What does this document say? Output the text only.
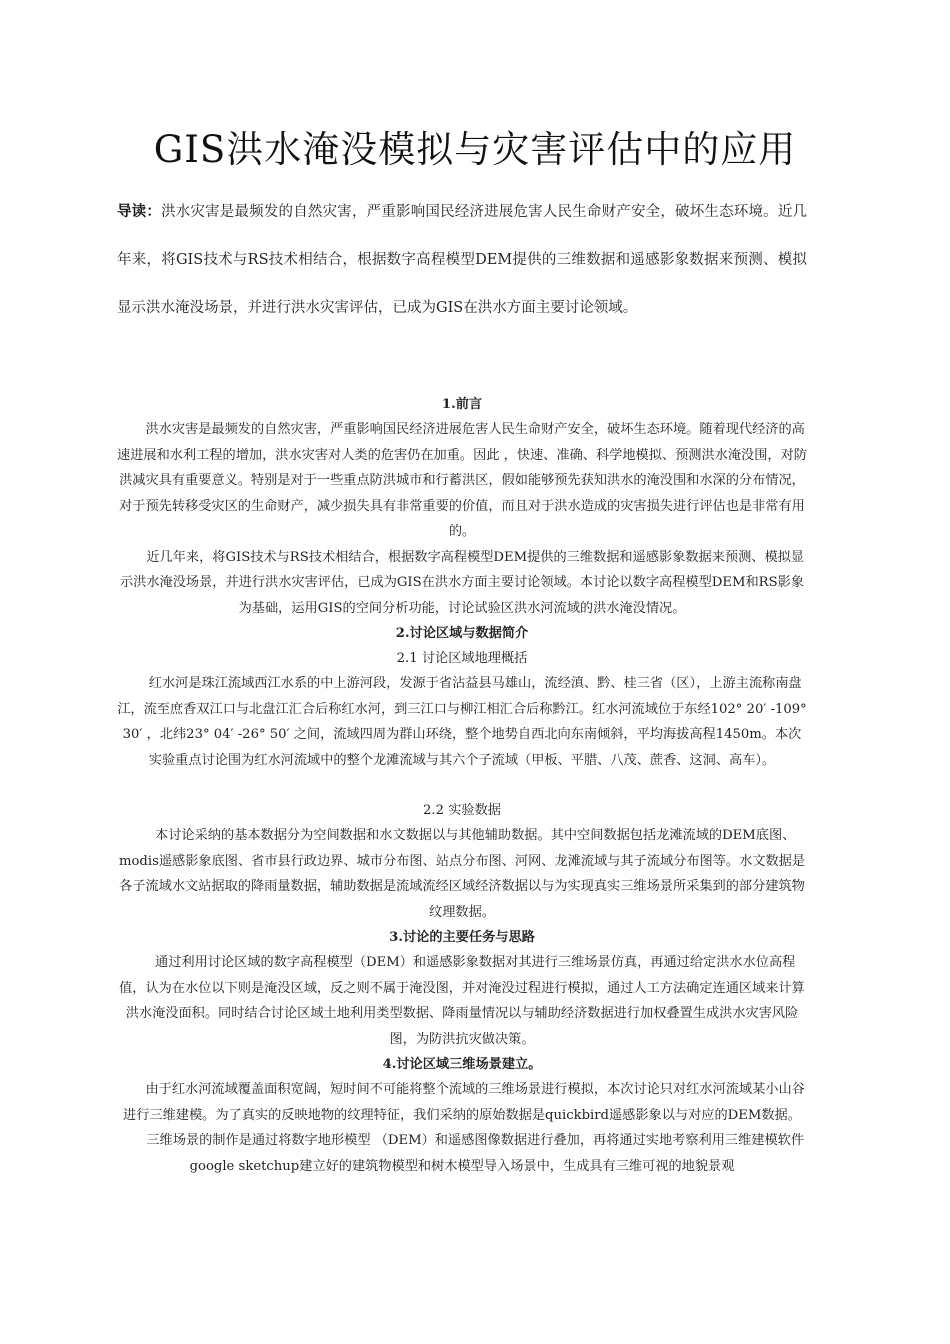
GIS洪水淹没模拟与灾害评估中的应用

导读：洪水灾害是最频发的自然灾害，严重影响国民经济进展危害人民生命财产安全，破坏生态环境。近几年来，将GIS技术与RS技术相结合，根据数字高程模型DEM提供的三维数据和遥感影象数据来预测、模拟显示洪水淹没场景，并进行洪水灾害评估，已成为GIS在洪水方面主要讨论领域。

1.前言

洪水灾害是最频发的自然灾害，严重影响国民经济进展危害人民生命财产安全，破坏生态环境。随着现代经济的高速进展和水利工程的增加，洪水灾害对人类的危害仍在加重。因此 ，快速、准确、科学地模拟、预测洪水淹没围，对防洪减灾具有重要意义。特别是对于一些重点防洪城市和行蓄洪区，假如能够预先获知洪水的淹没围和水深的分布情况，对于预先转移受灾区的生命财产，减少损失具有非常重要的价值，而且对于洪水造成的灾害损失进行评估也是非常有用的。

近几年来，将GIS技术与RS技术相结合，根据数字高程模型DEM提供的三维数据和遥感影象数据来预测、模拟显示洪水淹没场景，并进行洪水灾害评估，已成为GIS在洪水方面主要讨论领域。本讨论以数字高程模型DEM和RS影象为基础，运用GIS的空间分析功能，讨论试验区洪水河流域的洪水淹没情况。

2.讨论区域与数据简介

2.1 讨论区域地理概括

红水河是珠江流域西江水系的中上游河段，发源于省沾益县马雄山，流经滇、黔、桂三省（区），上游主流称南盘江，流至庶香双江口与北盘江汇合后称红水河，到三江口与柳江相汇合后称黔江。红水河流域位于东经102° 20′ -109° 30′ ，北纬23° 04′ -26° 50′ 之间，流域四周为群山环绕，整个地势自西北向东南倾斜，平均海拔高程1450m。本次实验重点讨论围为红水河流域中的整个龙滩流域与其六个子流域（甲板、平腊、八茂、蔗香、这洞、高车）。

2.2 实验数据

本讨论采纳的基本数据分为空间数据和水文数据以与其他辅助数据。其中空间数据包括龙滩流域的DEM底图、modis遥感影象底图、省市县行政边界、城市分布图、站点分布图、河网、龙滩流域与其子流域分布图等。水文数据是各子流域水文站据取的降雨量数据，辅助数据是流域流经区域经济数据以与为实现真实三维场景所采集到的部分建筑物纹理数据。

3.讨论的主要任务与思路

通过利用讨论区域的数字高程模型（DEM）和遥感影象数据对其进行三维场景仿真，再通过给定洪水水位高程值，认为在水位以下则是淹没区域，反之则不属于淹没图，并对淹没过程进行模拟，通过人工方法确定连通区域来计算洪水淹没面积。同时结合讨论区域土地利用类型数据、降雨量情况以与辅助经济数据进行加权叠置生成洪水灾害风险图，为防洪抗灾做决策。

4.讨论区域三维场景建立。

由于红水河流域覆盖面积宽阔，短时间不可能将整个流域的三维场景进行模拟，本次讨论只对红水河流域某小山谷进行三维建模。为了真实的反映地物的纹理特征，我们采纳的原始数据是quickbird遥感影象以与对应的DEM数据。

三维场景的制作是通过将数字地形模型 （DEM）和遥感图像数据进行叠加，再将通过实地考察利用三维建模软件google sketchup建立好的建筑物模型和树木模型导入场景中，生成具有三维可视的地貌景观
